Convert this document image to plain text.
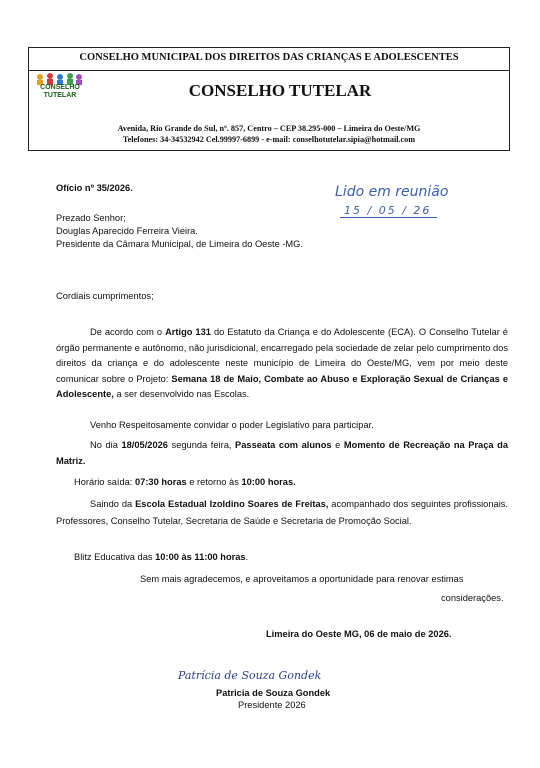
CONSELHO MUNICIPAL DOS DIREITOS DAS CRIANÇAS E ADOLESCENTES
CONSELHO TUTELAR	CONSELHO TUTELAR
Avenida, Rio Grande do Sul, nº. 857, Centro – CEP 38.295-000 – Limeira do Oeste/MG
Telefones: 34-34532942 Cel.99997-6899 - e-mail: conselhotutelar.sipia@hotmail.com
Ofício nº 35/2026.	Lido em reunião
15 / 05 / 26
Prezado Senhor;
Douglas Aparecido Ferreira Vieira.
Presidente da Câmara Municipal, de Limeira do Oeste -MG.
Cordiais cumprimentos;
De acordo com o Artigo 131 do Estatuto da Criança e do Adolescente (ECA). O Conselho Tutelar é órgão permanente e autônomo, não jurisdicional, encarregado pela sociedade de zelar pelo cumprimento dos direitos da criança e do adolescente neste município de Limeira do Oeste/MG, vem por meio deste comunicar sobre o Projeto: Semana 18 de Maio, Combate ao Abuso e Exploração Sexual de Crianças e Adolescente, a ser desenvolvido nas Escolas.
Venho Respeitosamente convidar o poder Legislativo para participar.
No dia 18/05/2026 segunda feira, Passeata com alunos e Momento de Recreação na Praça da Matriz.
Horário saída: 07:30 horas e retorno às 10:00 horas.
Saindo da Escola Estadual Izoldino Soares de Freitas, acompanhado dos seguintes profissionais. Professores, Conselho Tutelar, Secretaria de Saúde e Secretaria de Promoção Social.
Blitz Educativa das 10:00 às 11:00 horas.
Sem mais agradecemos, e aproveitamos a oportunidade para renovar estimas
considerações.
Limeira do Oeste MG, 06 de maio de 2026.
Patrícia de Souza Gondek
Patricia de Souza Gondek
Presidente 2026
